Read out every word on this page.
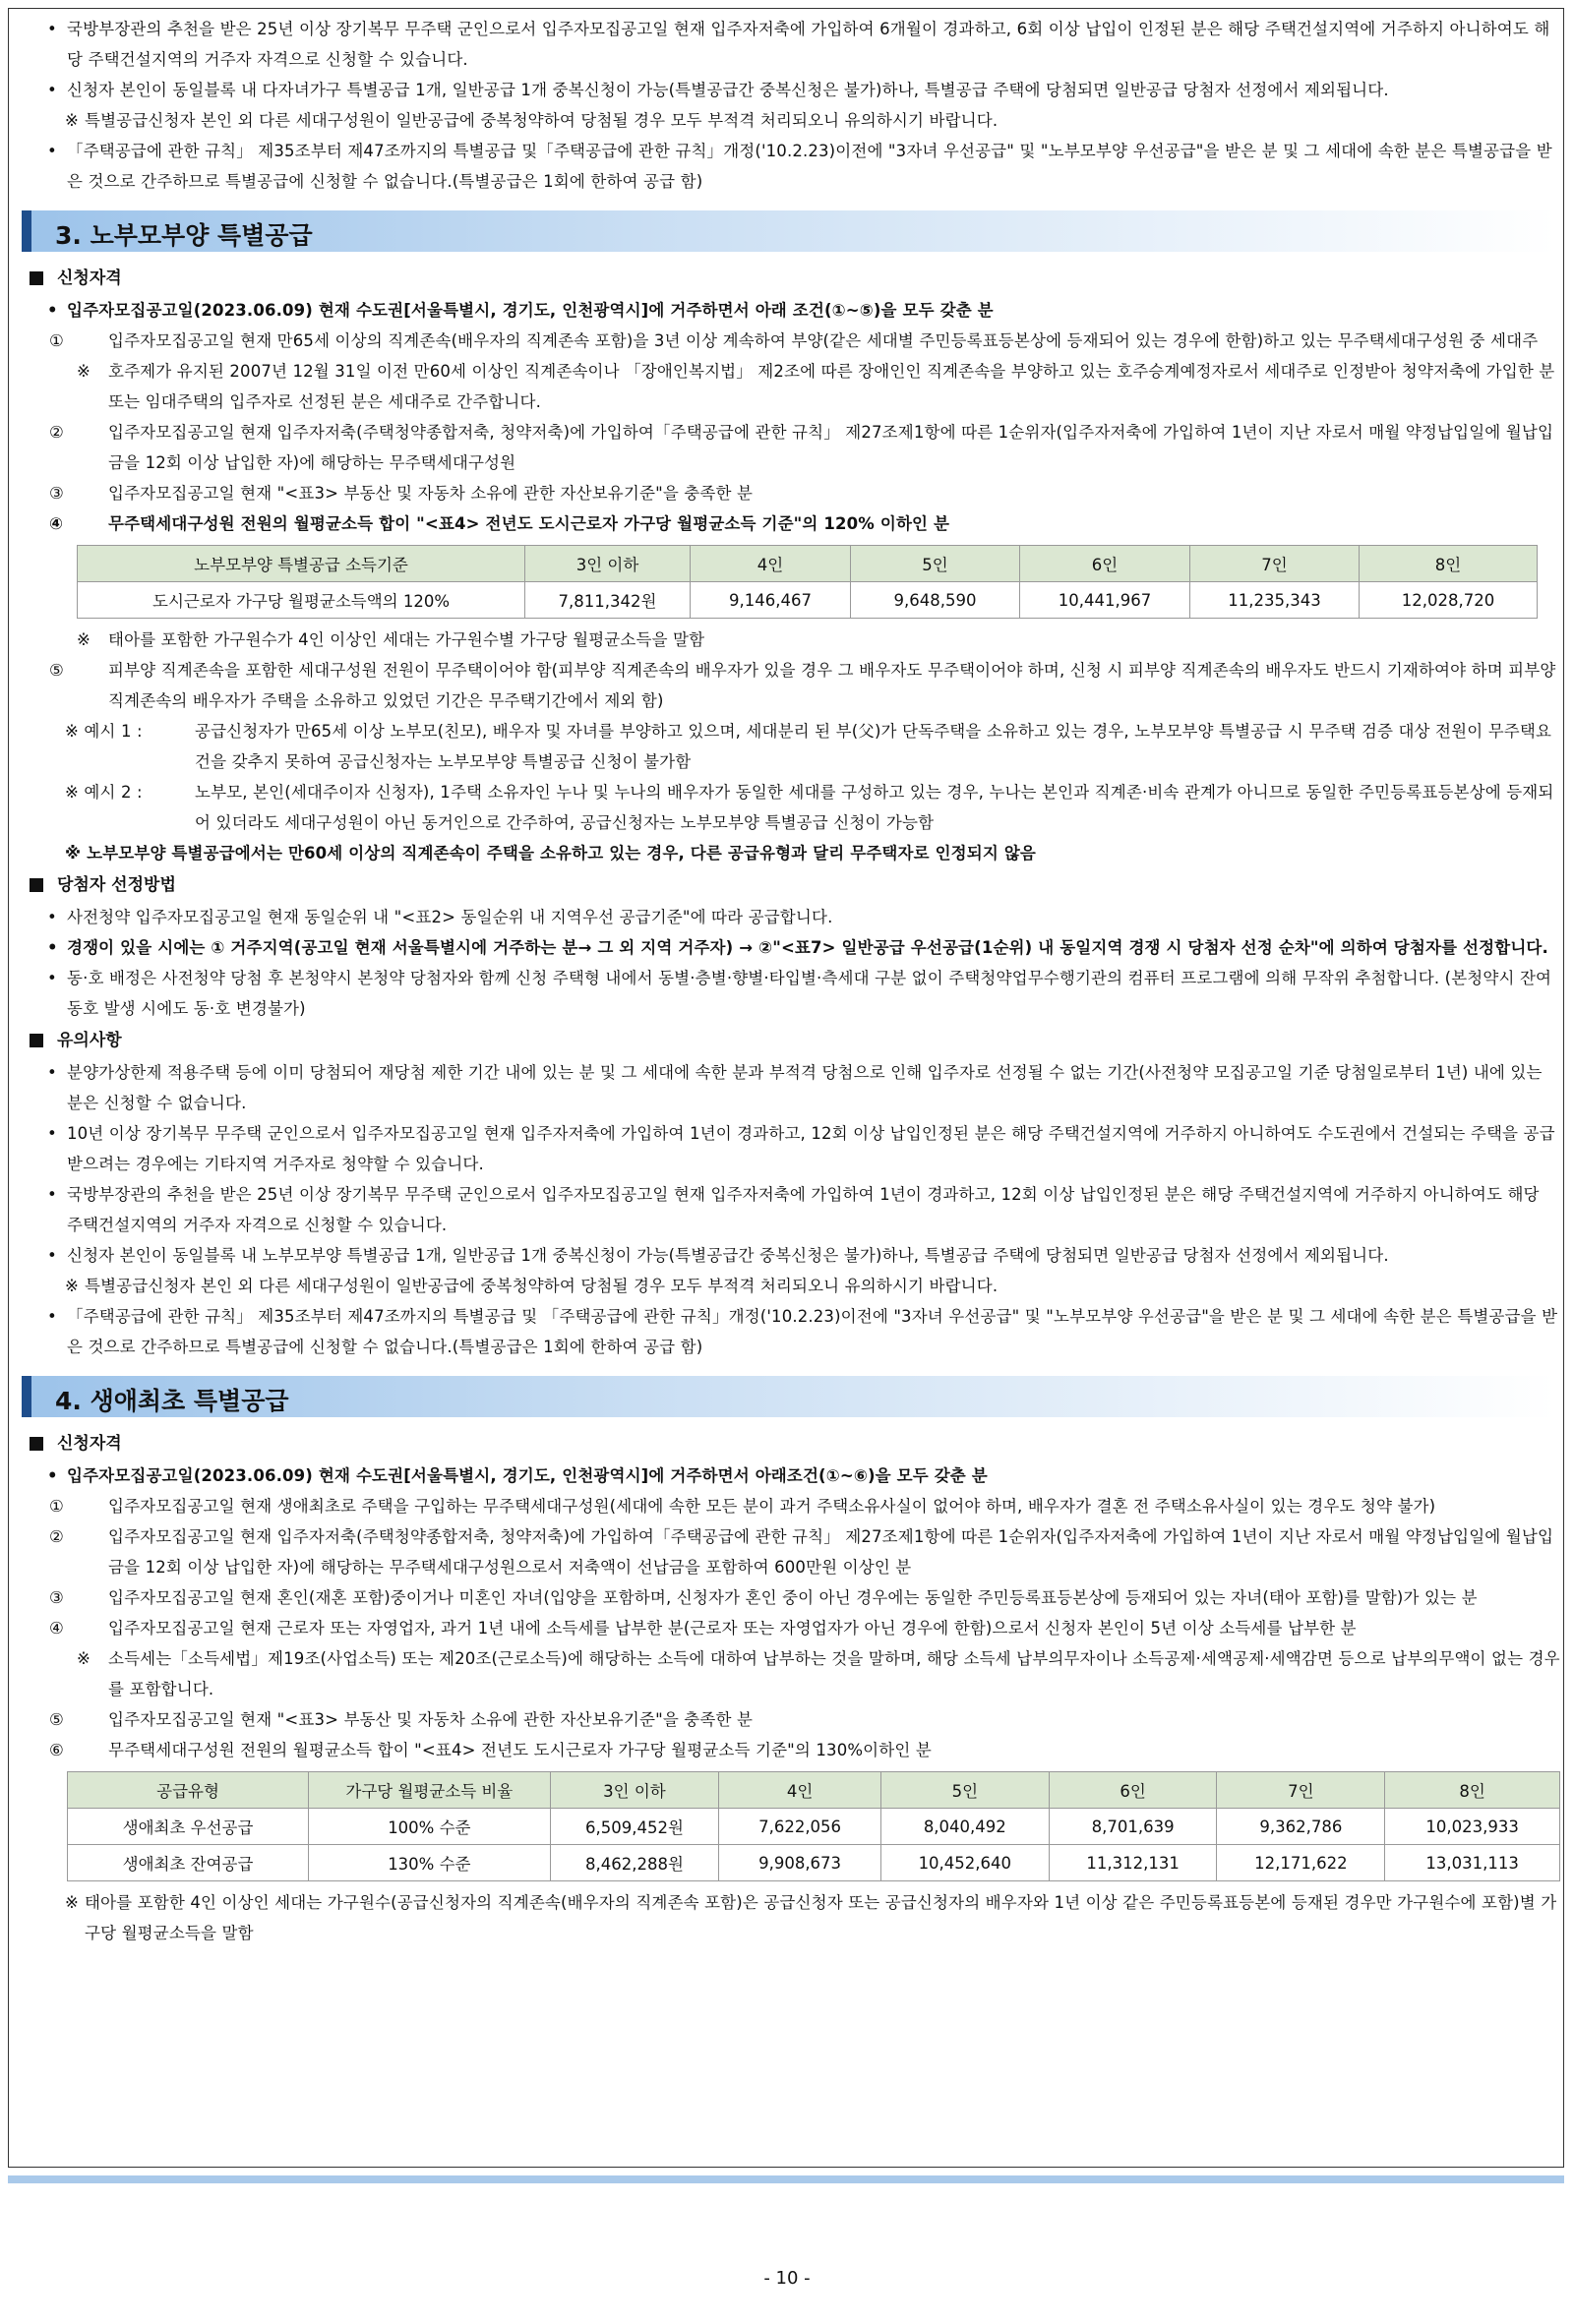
• 국방부장관의 추천을 받은 25년 이상 장기복무 무주택 군인으로서 입주자모집공고일 현재 입주자저축에 가입하여 6개월이 경과하고, 6회 이상 납입이 인정된 분은 해당 주택건설지역에 거주하지 아니하여도 해당 주택건설지역의 거주자 자격으로 신청할 수 있습니다.
• 신청자 본인이 동일블록 내 다자녀가구 특별공급 1개, 일반공급 1개 중복신청이 가능(특별공급간 중복신청은 불가)하나, 특별공급 주택에 당첨되면 일반공급 당첨자 선정에서 제외됩니다.
※ 특별공급신청자 본인 외 다른 세대구성원이 일반공급에 중복청약하여 당첨될 경우 모두 부적격 처리되오니 유의하시기 바랍니다.
• 「주택공급에 관한 규칙」 제35조부터 제47조까지의 특별공급 및「주택공급에 관한 규칙」개정('10.2.23)이전에 "3자녀 우선공급" 및 "노부모부양 우선공급"을 받은 분 및 그 세대에 속한 분은 특별공급을 받은 것으로 간주하므로 특별공급에 신청할 수 없습니다.(특별공급은 1회에 한하여 공급 함)
3. 노부모부양 특별공급
신청자격
• 입주자모집공고일(2023.06.09) 현재 수도권[서울특별시, 경기도, 인천광역시]에 거주하면서 아래 조건(①~⑤)을 모두 갖춘 분
①	입주자모집공고일 현재 만65세 이상의 직계존속(배우자의 직계존속 포함)을 3년 이상 계속하여 부양(같은 세대별 주민등록표등본상에 등재되어 있는 경우에 한함)하고 있는 무주택세대구성원 중 세대주
※ 호주제가 유지된 2007년 12월 31일 이전 만60세 이상인 직계존속이나 「장애인복지법」 제2조에 따른 장애인인 직계존속을 부양하고 있는 호주승계예정자로서 세대주로 인정받아 청약저축에 가입한 분 또는 임대주택의 입주자로 선정된 분은 세대주로 간주합니다.
②	입주자모집공고일 현재 입주자저축(주택청약종합저축, 청약저축)에 가입하여「주택공급에 관한 규칙」 제27조제1항에 따른 1순위자(입주자저축에 가입하여 1년이 지난 자로서 매월 약정납입일에 월납입금을 12회 이상 납입한 자)에 해당하는 무주택세대구성원
③	입주자모집공고일 현재 "<표3> 부동산 및 자동차 소유에 관한 자산보유기준"을 충족한 분
④	무주택세대구성원 전원의 월평균소득 합이 "<표4> 전년도 도시근로자 가구당 월평균소득 기준"의 120% 이하인 분
노부모부양 특별공급 소득기준	3인 이하	4인	5인	6인	7인	8인
도시근로자 가구당 월평균소득액의 120%	7,811,342원	9,146,467	9,648,590	10,441,967	11,235,343	12,028,720
※ 태아를 포함한 가구원수가 4인 이상인 세대는 가구원수별 가구당 월평균소득을 말함
⑤	피부양 직계존속을 포함한 세대구성원 전원이 무주택이어야 함(피부양 직계존속의 배우자가 있을 경우 그 배우자도 무주택이어야 하며, 신청 시 피부양 직계존속의 배우자도 반드시 기재하여야 하며 피부양 직계존속의 배우자가 주택을 소유하고 있었던 기간은 무주택기간에서 제외 함)
※ 예시 1 :	공급신청자가 만65세 이상 노부모(친모), 배우자 및 자녀를 부양하고 있으며, 세대분리 된 부(父)가 단독주택을 소유하고 있는 경우, 노부모부양 특별공급 시 무주택 검증 대상 전원이 무주택요건을 갖추지 못하여 공급신청자는 노부모부양 특별공급 신청이 불가함
※ 예시 2 :	노부모, 본인(세대주이자 신청자), 1주택 소유자인 누나 및 누나의 배우자가 동일한 세대를 구성하고 있는 경우, 누나는 본인과 직계존·비속 관계가 아니므로 동일한 주민등록표등본상에 등재되어 있더라도 세대구성원이 아닌 동거인으로 간주하여, 공급신청자는 노부모부양 특별공급 신청이 가능함
※ 노부모부양 특별공급에서는 만60세 이상의 직계존속이 주택을 소유하고 있는 경우, 다른 공급유형과 달리 무주택자로 인정되지 않음
당첨자 선정방법
• 사전청약 입주자모집공고일 현재 동일순위 내 "<표2> 동일순위 내 지역우선 공급기준"에 따라 공급합니다.
• 경쟁이 있을 시에는 ① 거주지역(공고일 현재 서울특별시에 거주하는 분→ 그 외 지역 거주자) → ②"<표7> 일반공급 우선공급(1순위) 내 동일지역 경쟁 시 당첨자 선정 순차"에 의하여 당첨자를 선정합니다.
• 동·호 배정은 사전청약 당첨 후 본청약시 본청약 당첨자와 함께 신청 주택형 내에서 동별·층별·향별·타입별·측세대 구분 없이 주택청약업무수행기관의 컴퓨터 프로그램에 의해 무작위 추첨합니다. (본청약시 잔여 동호 발생 시에도 동·호 변경불가)
유의사항
• 분양가상한제 적용주택 등에 이미 당첨되어 재당첨 제한 기간 내에 있는 분 및 그 세대에 속한 분과 부적격 당첨으로 인해 입주자로 선정될 수 없는 기간(사전청약 모집공고일 기준 당첨일로부터 1년) 내에 있는 분은 신청할 수 없습니다.
• 10년 이상 장기복무 무주택 군인으로서 입주자모집공고일 현재 입주자저축에 가입하여 1년이 경과하고, 12회 이상 납입인정된 분은 해당 주택건설지역에 거주하지 아니하여도 수도권에서 건설되는 주택을 공급받으려는 경우에는 기타지역 거주자로 청약할 수 있습니다.
• 국방부장관의 추천을 받은 25년 이상 장기복무 무주택 군인으로서 입주자모집공고일 현재 입주자저축에 가입하여 1년이 경과하고, 12회 이상 납입인정된 분은 해당 주택건설지역에 거주하지 아니하여도 해당 주택건설지역의 거주자 자격으로 신청할 수 있습니다.
• 신청자 본인이 동일블록 내 노부모부양 특별공급 1개, 일반공급 1개 중복신청이 가능(특별공급간 중복신청은 불가)하나, 특별공급 주택에 당첨되면 일반공급 당첨자 선정에서 제외됩니다.
※ 특별공급신청자 본인 외 다른 세대구성원이 일반공급에 중복청약하여 당첨될 경우 모두 부적격 처리되오니 유의하시기 바랍니다.
• 「주택공급에 관한 규칙」 제35조부터 제47조까지의 특별공급 및 「주택공급에 관한 규칙」개정('10.2.23)이전에 "3자녀 우선공급" 및 "노부모부양 우선공급"을 받은 분 및 그 세대에 속한 분은 특별공급을 받은 것으로 간주하므로 특별공급에 신청할 수 없습니다.(특별공급은 1회에 한하여 공급 함)
4. 생애최초 특별공급
신청자격
• 입주자모집공고일(2023.06.09) 현재 수도권[서울특별시, 경기도, 인천광역시]에 거주하면서 아래조건(①~⑥)을 모두 갖춘 분
①	입주자모집공고일 현재 생애최초로 주택을 구입하는 무주택세대구성원(세대에 속한 모든 분이 과거 주택소유사실이 없어야 하며, 배우자가 결혼 전 주택소유사실이 있는 경우도 청약 불가)
②	입주자모집공고일 현재 입주자저축(주택청약종합저축, 청약저축)에 가입하여「주택공급에 관한 규칙」 제27조제1항에 따른 1순위자(입주자저축에 가입하여 1년이 지난 자로서 매월 약정납입일에 월납입금을 12회 이상 납입한 자)에 해당하는 무주택세대구성원으로서 저축액이 선납금을 포함하여 600만원 이상인 분
③	입주자모집공고일 현재 혼인(재혼 포함)중이거나 미혼인 자녀(입양을 포함하며, 신청자가 혼인 중이 아닌 경우에는 동일한 주민등록표등본상에 등재되어 있는 자녀(태아 포함)를 말함)가 있는 분
④	입주자모집공고일 현재 근로자 또는 자영업자, 과거 1년 내에 소득세를 납부한 분(근로자 또는 자영업자가 아닌 경우에 한함)으로서 신청자 본인이 5년 이상 소득세를 납부한 분
※ 소득세는「소득세법」제19조(사업소득) 또는 제20조(근로소득)에 해당하는 소득에 대하여 납부하는 것을 말하며, 해당 소득세 납부의무자이나 소득공제·세액공제·세액감면 등으로 납부의무액이 없는 경우를 포함합니다.
⑤	입주자모집공고일 현재 "<표3> 부동산 및 자동차 소유에 관한 자산보유기준"을 충족한 분
⑥	무주택세대구성원 전원의 월평균소득 합이 "<표4> 전년도 도시근로자 가구당 월평균소득 기준"의 130%이하인 분
공급유형	가구당 월평균소득 비율	3인 이하	4인	5인	6인	7인	8인
생애최초 우선공급	100% 수준	6,509,452원	7,622,056	8,040,492	8,701,639	9,362,786	10,023,933
생애최초 잔여공급	130% 수준	8,462,288원	9,908,673	10,452,640	11,312,131	12,171,622	13,031,113
※ 태아를 포함한 4인 이상인 세대는 가구원수(공급신청자의 직계존속(배우자의 직계존속 포함)은 공급신청자 또는 공급신청자의 배우자와 1년 이상 같은 주민등록표등본에 등재된 경우만 가구원수에 포함)별 가구당 월평균소득을 말함
- 10 -
